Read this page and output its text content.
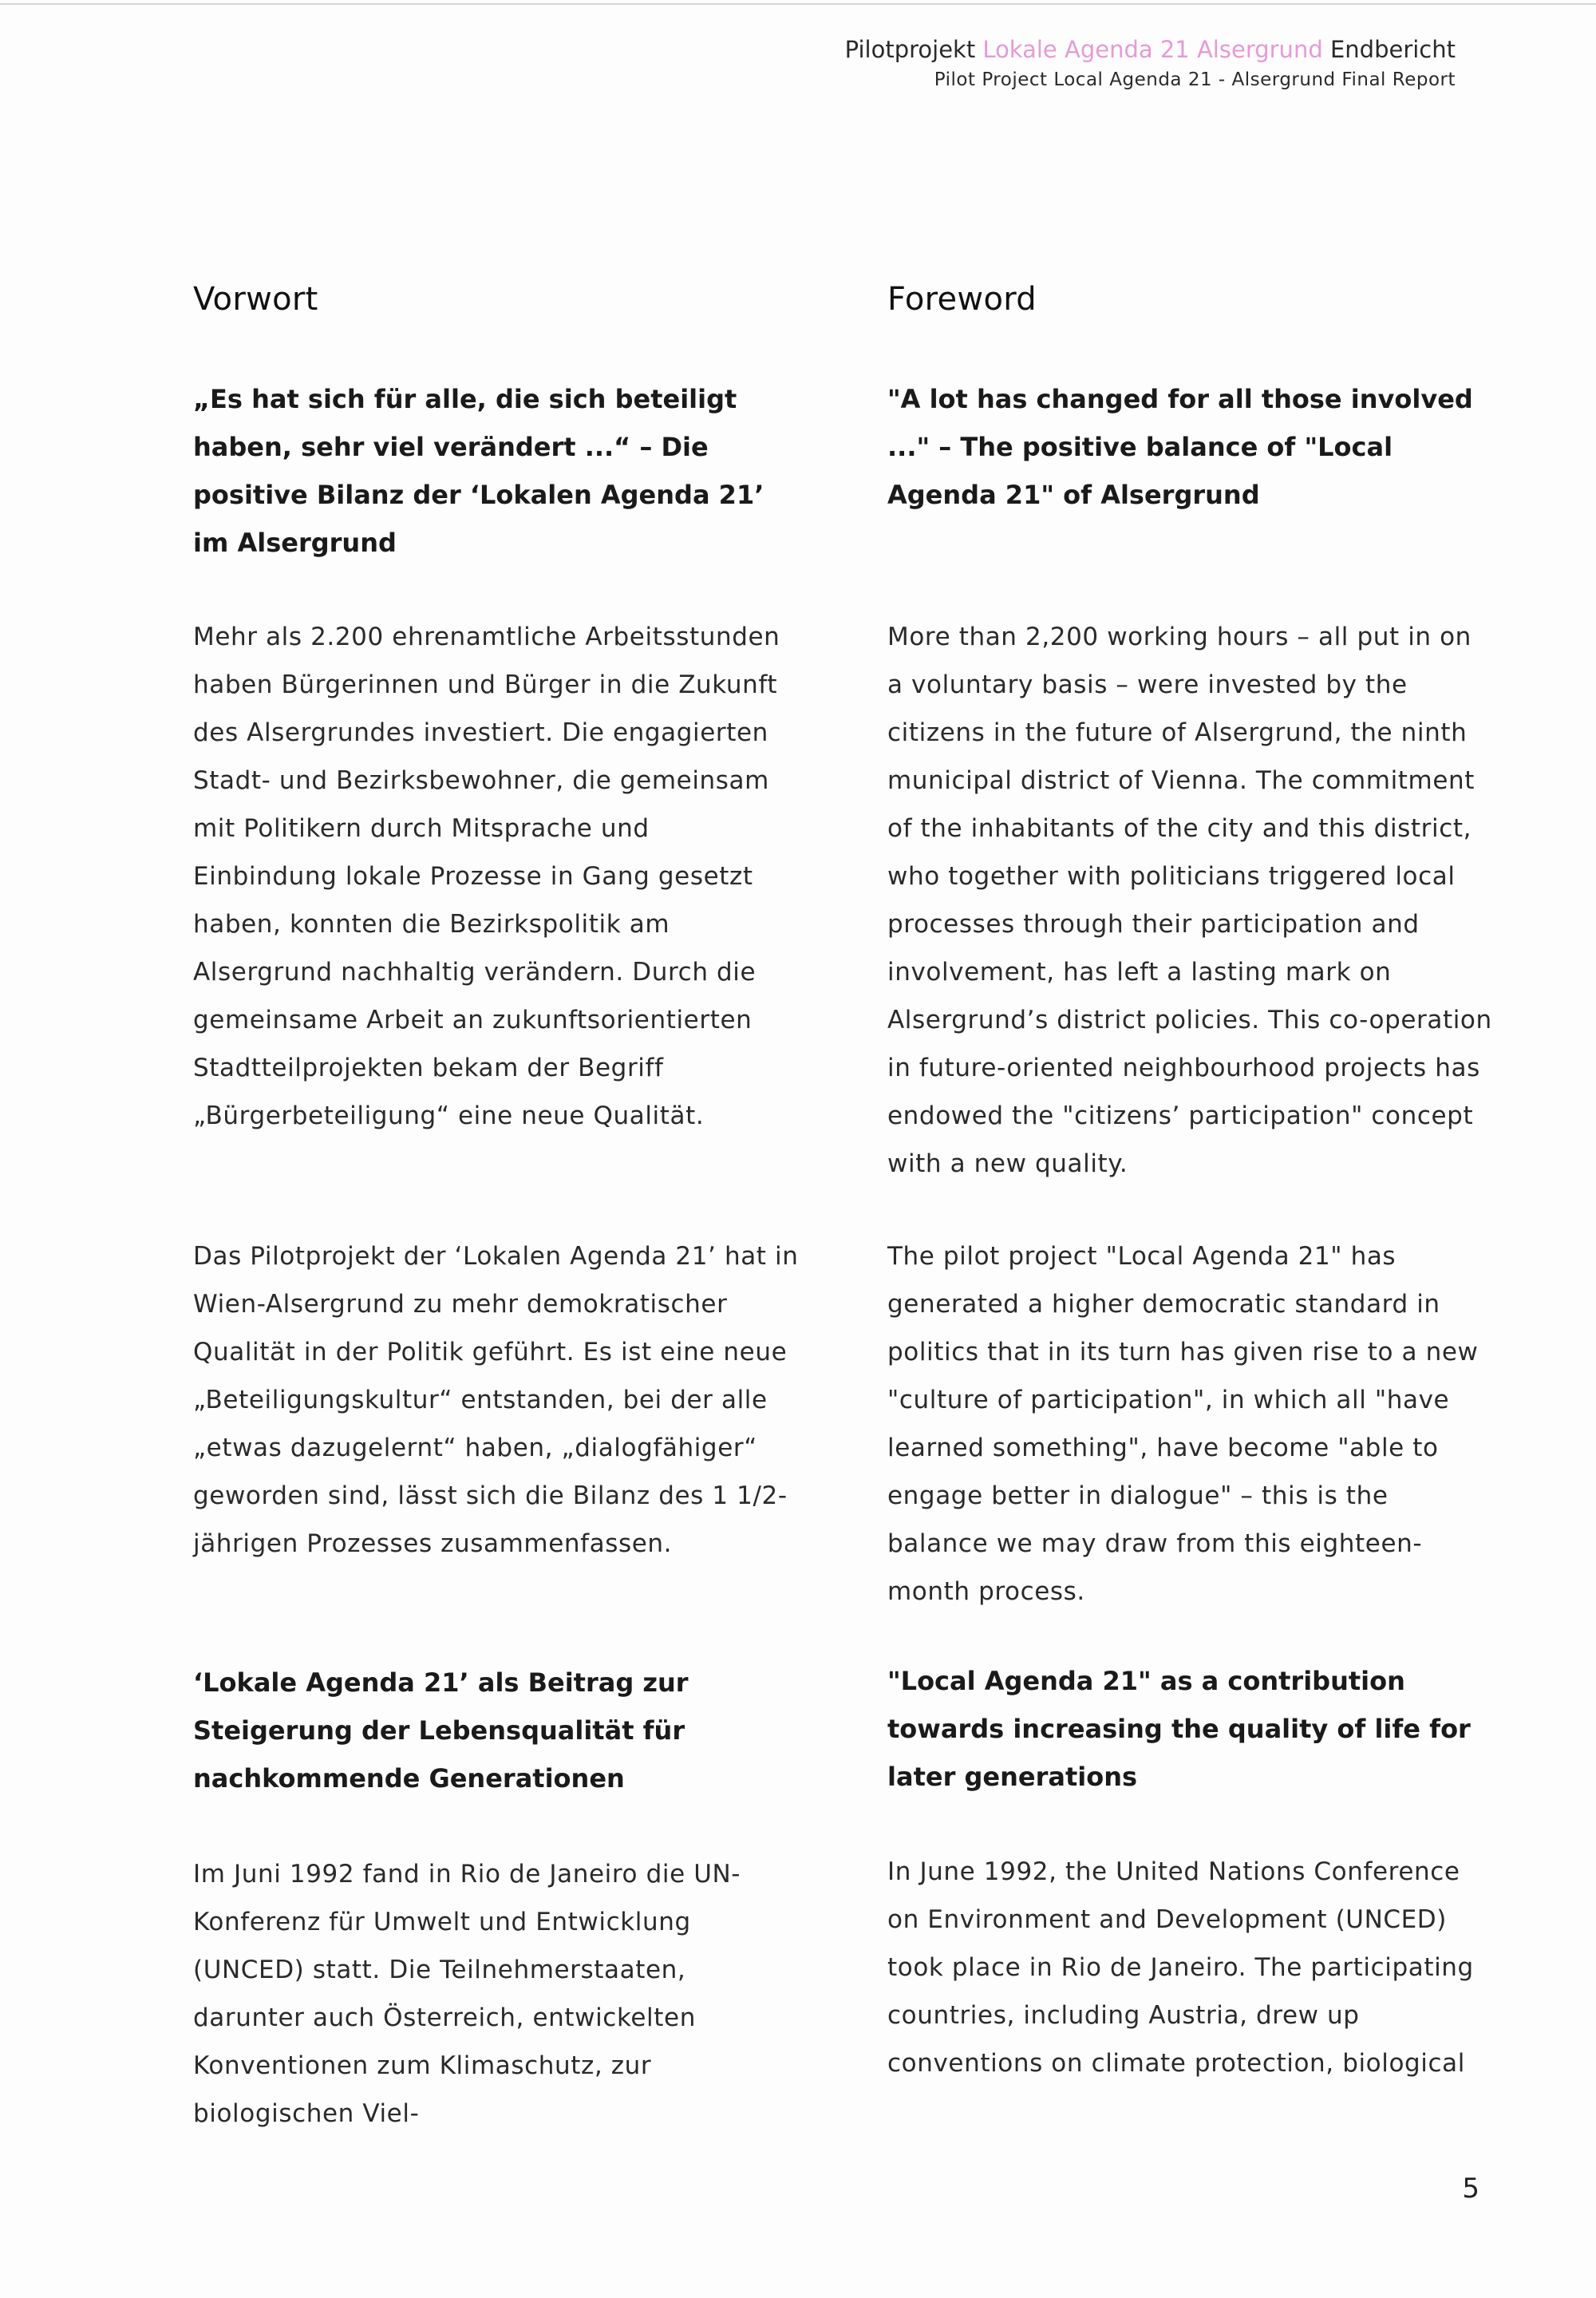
Pilotprojekt Lokale Agenda 21 Alsergrund Endbericht
Pilot Project Local Agenda 21 - Alsergrund Final Report
Vorwort
„Es hat sich für alle, die sich beteiligt haben, sehr viel verändert ...“ – Die positive Bilanz der ‘Lokalen Agenda 21’ im Alsergrund
Mehr als 2.200 ehrenamtliche Arbeitsstunden haben Bürgerinnen und Bürger in die Zukunft des Alsergrundes investiert. Die engagierten Stadt- und Bezirksbewohner, die gemeinsam mit Politikern durch Mitsprache und Einbindung lokale Prozesse in Gang gesetzt haben, konnten die Bezirkspolitik am Alsergrund nachhaltig verändern. Durch die gemeinsame Arbeit an zukunftsorientierten Stadtteilprojekten bekam der Begriff „Bürgerbeteiligung“ eine neue Qualität.
Das Pilotprojekt der ‘Lokalen Agenda 21’ hat in Wien-Alsergrund zu mehr demokratischer Qualität in der Politik geführt. Es ist eine neue „Beteiligungskultur“ entstanden, bei der alle „etwas dazugelernt“ haben, „dialogfähiger“ geworden sind, lässt sich die Bilanz des 1 1/2-jährigen Prozesses zusammenfassen.
‘Lokale Agenda 21’ als Beitrag zur Steigerung der Lebensqualität für nachkommende Generationen
Im Juni 1992 fand in Rio de Janeiro die UN-Konferenz für Umwelt und Entwicklung (UNCED) statt. Die Teilnehmerstaaten, darunter auch Österreich, entwickelten Konventionen zum Klimaschutz, zur biologischen Viel-
Foreword
"A lot has changed for all those involved ..." – The positive balance of "Local Agenda 21" of Alsergrund
More than 2,200 working hours – all put in on a voluntary basis – were invested by the citizens in the future of Alsergrund, the ninth municipal district of Vienna. The commitment of the inhabitants of the city and this district, who together with politicians triggered local processes through their participation and involvement, has left a lasting mark on Alsergrund’s district policies. This co-operation in future-oriented neighbourhood projects has endowed the "citizens’ participation" concept with a new quality.
The pilot project "Local Agenda 21" has generated a higher democratic standard in politics that in its turn has given rise to a new "culture of participation", in which all "have learned something", have become "able to engage better in dialogue" – this is the balance we may draw from this eighteen-month process.
"Local Agenda 21" as a contribution towards increasing the quality of life for later generations
In June 1992, the United Nations Conference on Environment and Development (UNCED) took place in Rio de Janeiro. The participating countries, including Austria, drew up conventions on climate protection, biological
5
